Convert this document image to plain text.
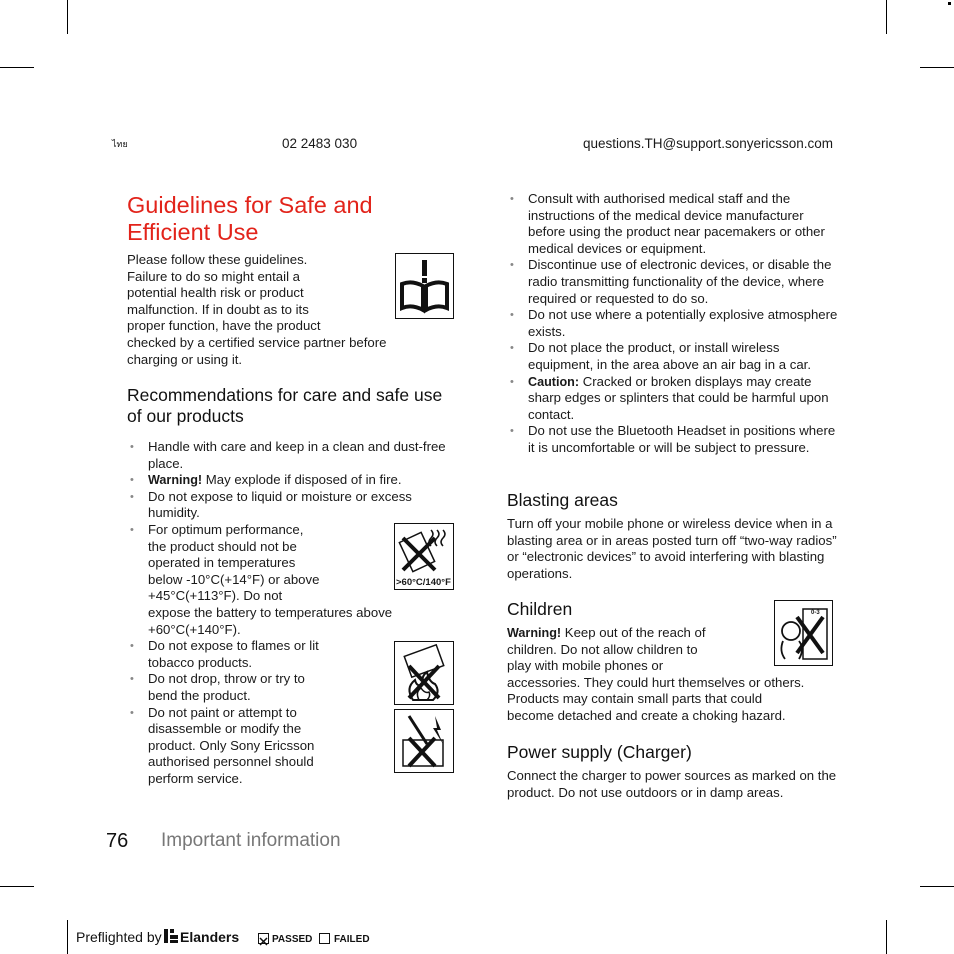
ไทย	02 2483 030	questions.TH@support.sonyericsson.com
Guidelines for Safe and Efficient Use
Please follow these guidelines.
Failure to do so might entail a
potential health risk or product
malfunction. If in doubt as to its
proper function, have the product
checked by a certified service partner before
charging or using it.
Recommendations for care and safe use of our products
• Handle with care and keep in a clean and dust-free place.
• Warning! May explode if disposed of in fire.
• Do not expose to liquid or moisture or excess humidity.
• For optimum performance,
the product should not be
operated in temperatures
below -10°C(+14°F) or above
+45°C(+113°F). Do not
expose the battery to temperatures above
+60°C(+140°F).
• Do not expose to flames or lit
tobacco products.
• Do not drop, throw or try to
bend the product.
• Do not paint or attempt to
disassemble or modify the
product. Only Sony Ericsson
authorised personnel should
perform service.
>60°C/140°F
• Consult with authorised medical staff and the instructions of the medical device manufacturer before using the product near pacemakers or other medical devices or equipment.
• Discontinue use of electronic devices, or disable the radio transmitting functionality of the device, where required or requested to do so.
• Do not use where a potentially explosive atmosphere exists.
• Do not place the product, or install wireless equipment, in the area above an air bag in a car.
• Caution: Cracked or broken displays may create sharp edges or splinters that could be harmful upon contact.
• Do not use the Bluetooth Headset in positions where it is uncomfortable or will be subject to pressure.
Blasting areas
Turn off your mobile phone or wireless device when in a blasting area or in areas posted turn off “two-way radios” or “electronic devices” to avoid interfering with blasting operations.
Children
Warning! Keep out of the reach of
children. Do not allow children to
play with mobile phones or
accessories. They could hurt themselves or others.
Products may contain small parts that could
become detached and create a choking hazard.
0-3
Power supply (Charger)
Connect the charger to power sources as marked on the product. Do not use outdoors or in damp areas.
76 Important information
Preflighted by Elanders	PASSED FAILED
